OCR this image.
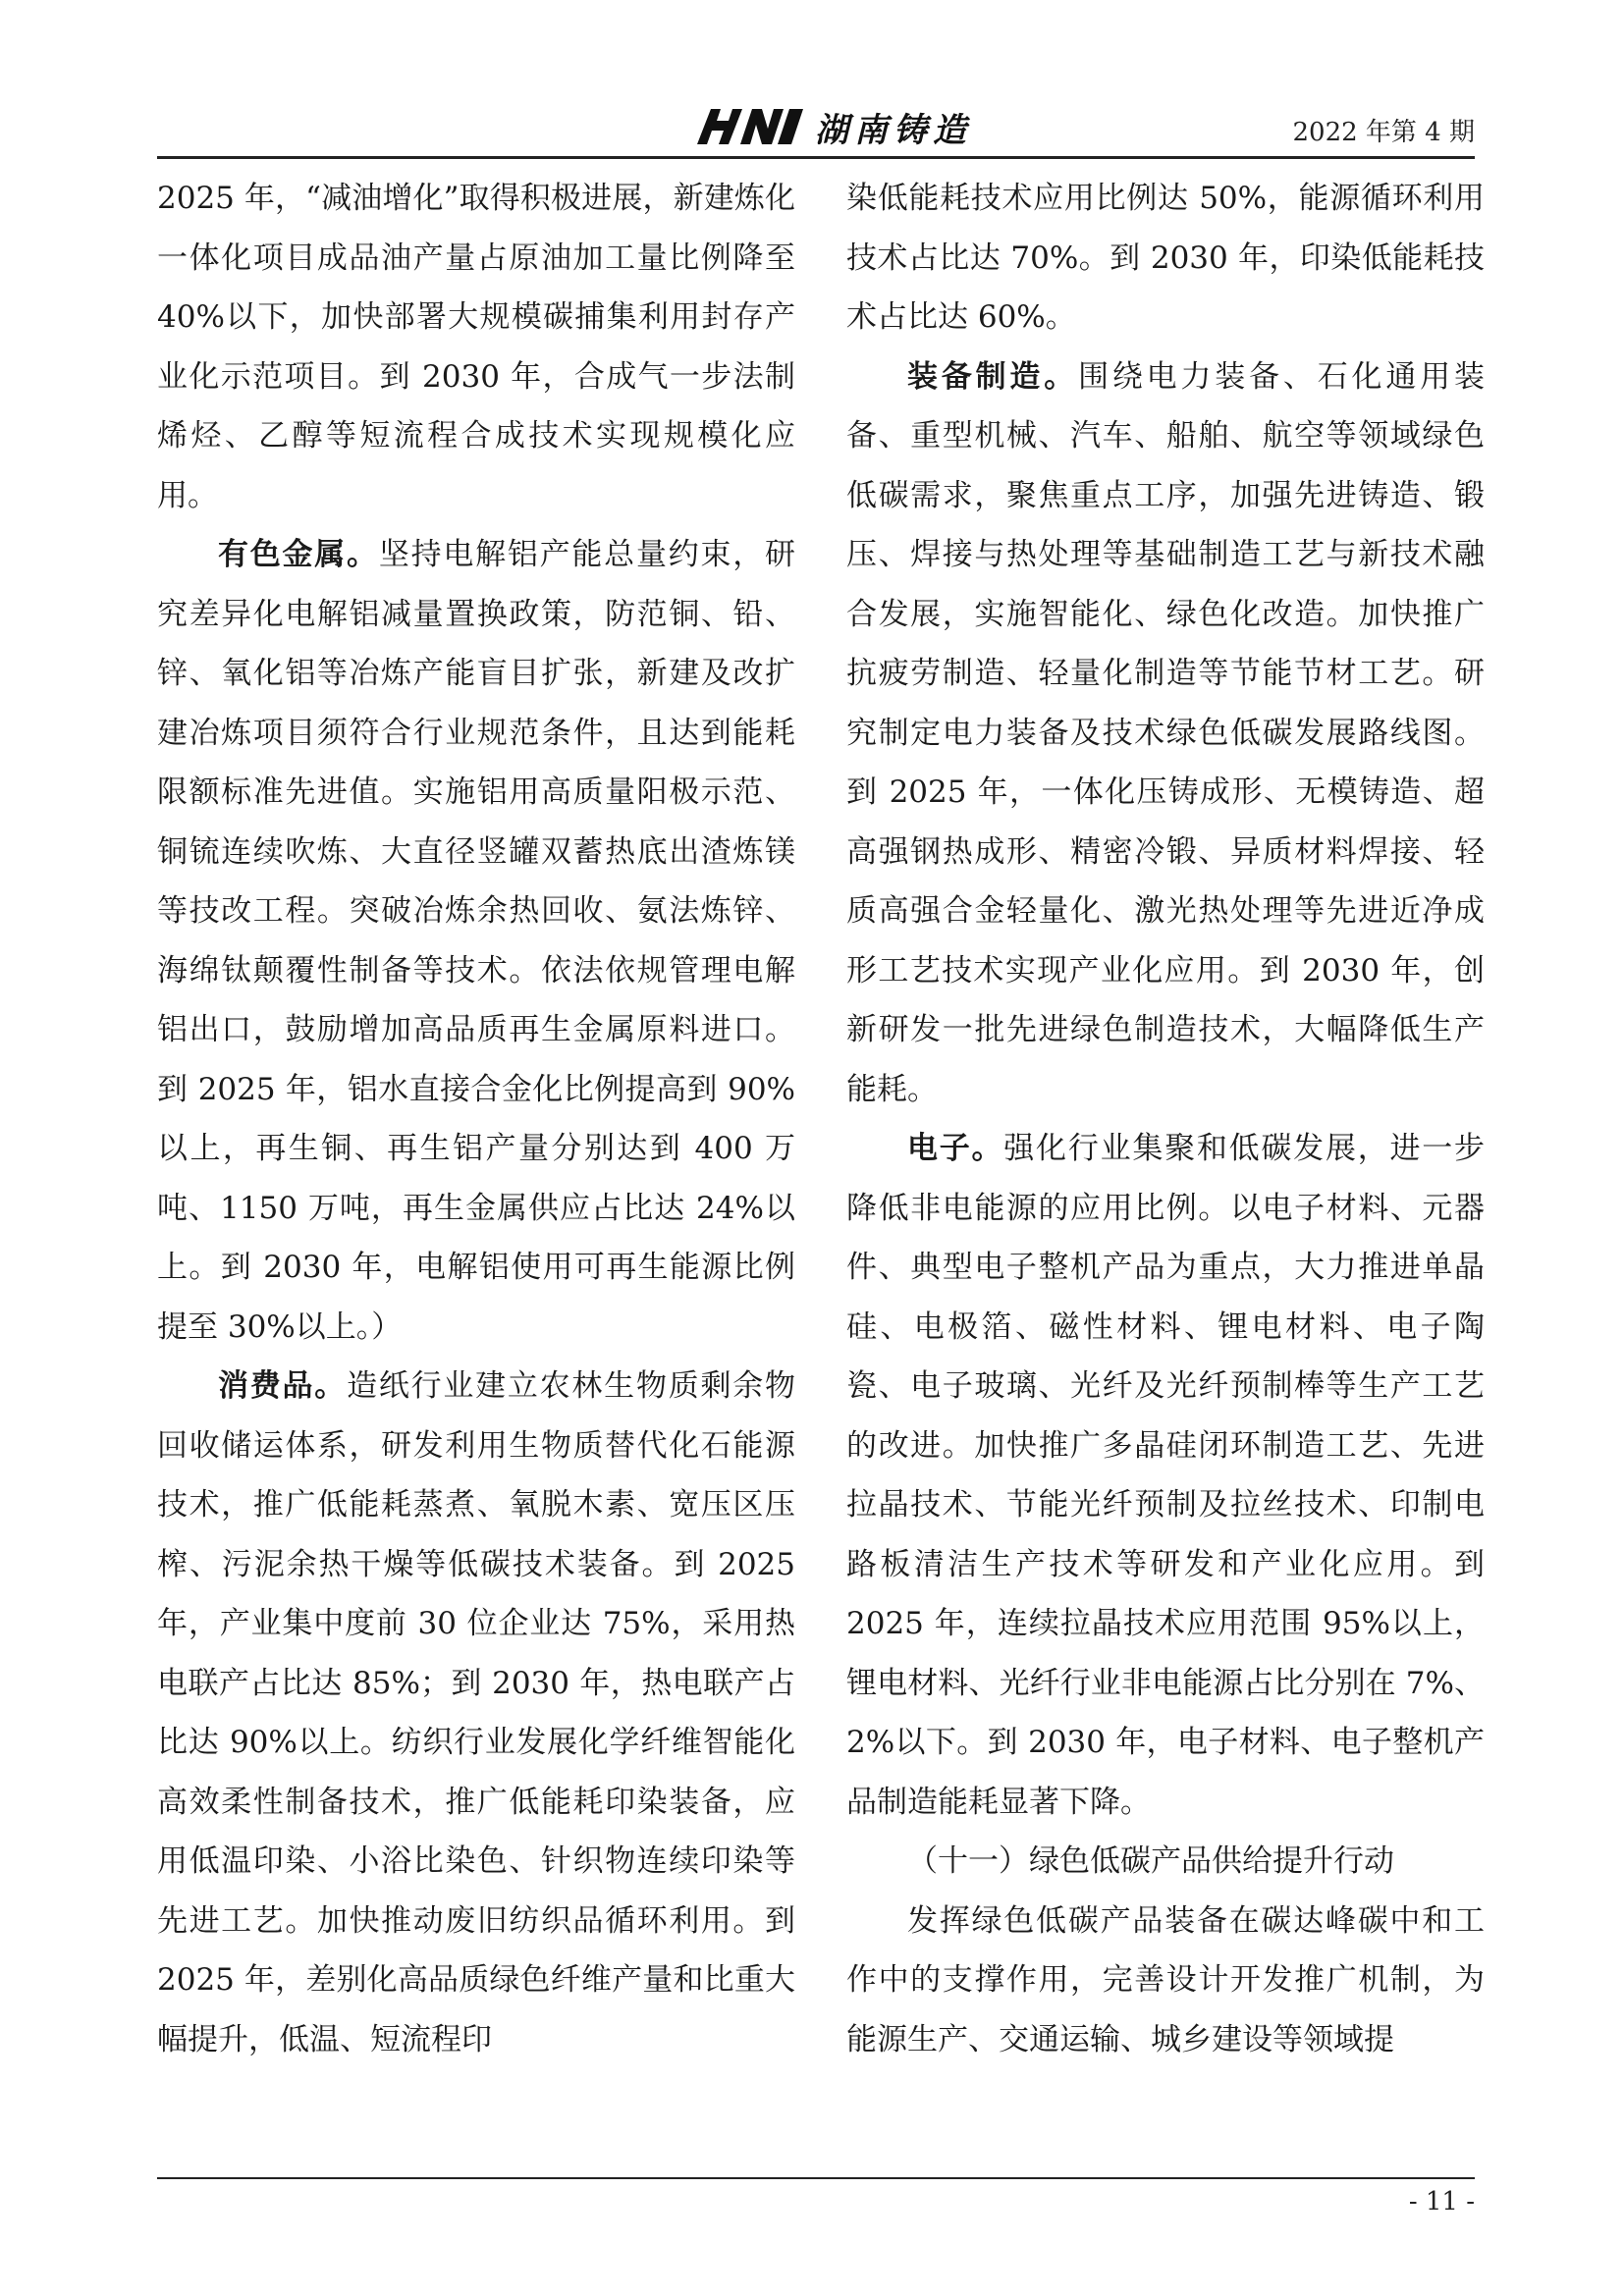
湖南铸造	2022 年第 4 期

2025 年，“减油增化”取得积极进展，新建炼化一体化项目成品油产量占原油加工量比例降至 40%以下，加快部署大规模碳捕集利用封存产业化示范项目。到 2030 年，合成气一步法制烯烃、乙醇等短流程合成技术实现规模化应用。

有色金属。坚持电解铝产能总量约束，研究差异化电解铝减量置换政策，防范铜、铅、锌、氧化铝等冶炼产能盲目扩张，新建及改扩建冶炼项目须符合行业规范条件，且达到能耗限额标准先进值。实施铝用高质量阳极示范、铜锍连续吹炼、大直径竖罐双蓄热底出渣炼镁等技改工程。突破冶炼余热回收、氨法炼锌、海绵钛颠覆性制备等技术。依法依规管理电解铝出口，鼓励增加高品质再生金属原料进口。到 2025 年，铝水直接合金化比例提高到 90%以上，再生铜、再生铝产量分别达到 400 万吨、1150 万吨，再生金属供应占比达 24%以上。到 2030 年，电解铝使用可再生能源比例提至 30%以上。）

消费品。造纸行业建立农林生物质剩余物回收储运体系，研发利用生物质替代化石能源技术，推广低能耗蒸煮、氧脱木素、宽压区压榨、污泥余热干燥等低碳技术装备。到 2025 年，产业集中度前 30 位企业达 75%，采用热电联产占比达 85%；到 2030 年，热电联产占比达 90%以上。纺织行业发展化学纤维智能化高效柔性制备技术，推广低能耗印染装备，应用低温印染、小浴比染色、针织物连续印染等先进工艺。加快推动废旧纺织品循环利用。到 2025 年，差别化高品质绿色纤维产量和比重大幅提升，低温、短流程印

染低能耗技术应用比例达 50%，能源循环利用技术占比达 70%。到 2030 年，印染低能耗技术占比达 60%。

装备制造。围绕电力装备、石化通用装备、重型机械、汽车、船舶、航空等领域绿色低碳需求，聚焦重点工序，加强先进铸造、锻压、焊接与热处理等基础制造工艺与新技术融合发展，实施智能化、绿色化改造。加快推广抗疲劳制造、轻量化制造等节能节材工艺。研究制定电力装备及技术绿色低碳发展路线图。到 2025 年，一体化压铸成形、无模铸造、超高强钢热成形、精密冷锻、异质材料焊接、轻质高强合金轻量化、激光热处理等先进近净成形工艺技术实现产业化应用。到 2030 年，创新研发一批先进绿色制造技术，大幅降低生产能耗。

电子。强化行业集聚和低碳发展，进一步降低非电能源的应用比例。以电子材料、元器件、典型电子整机产品为重点，大力推进单晶硅、电极箔、磁性材料、锂电材料、电子陶瓷、电子玻璃、光纤及光纤预制棒等生产工艺的改进。加快推广多晶硅闭环制造工艺、先进拉晶技术、节能光纤预制及拉丝技术、印制电路板清洁生产技术等研发和产业化应用。到 2025 年，连续拉晶技术应用范围 95%以上，锂电材料、光纤行业非电能源占比分别在 7%、2%以下。到 2030 年，电子材料、电子整机产品制造能耗显著下降。

（十一）绿色低碳产品供给提升行动

发挥绿色低碳产品装备在碳达峰碳中和工作中的支撑作用，完善设计开发推广机制，为能源生产、交通运输、城乡建设等领域提

- 11 -
